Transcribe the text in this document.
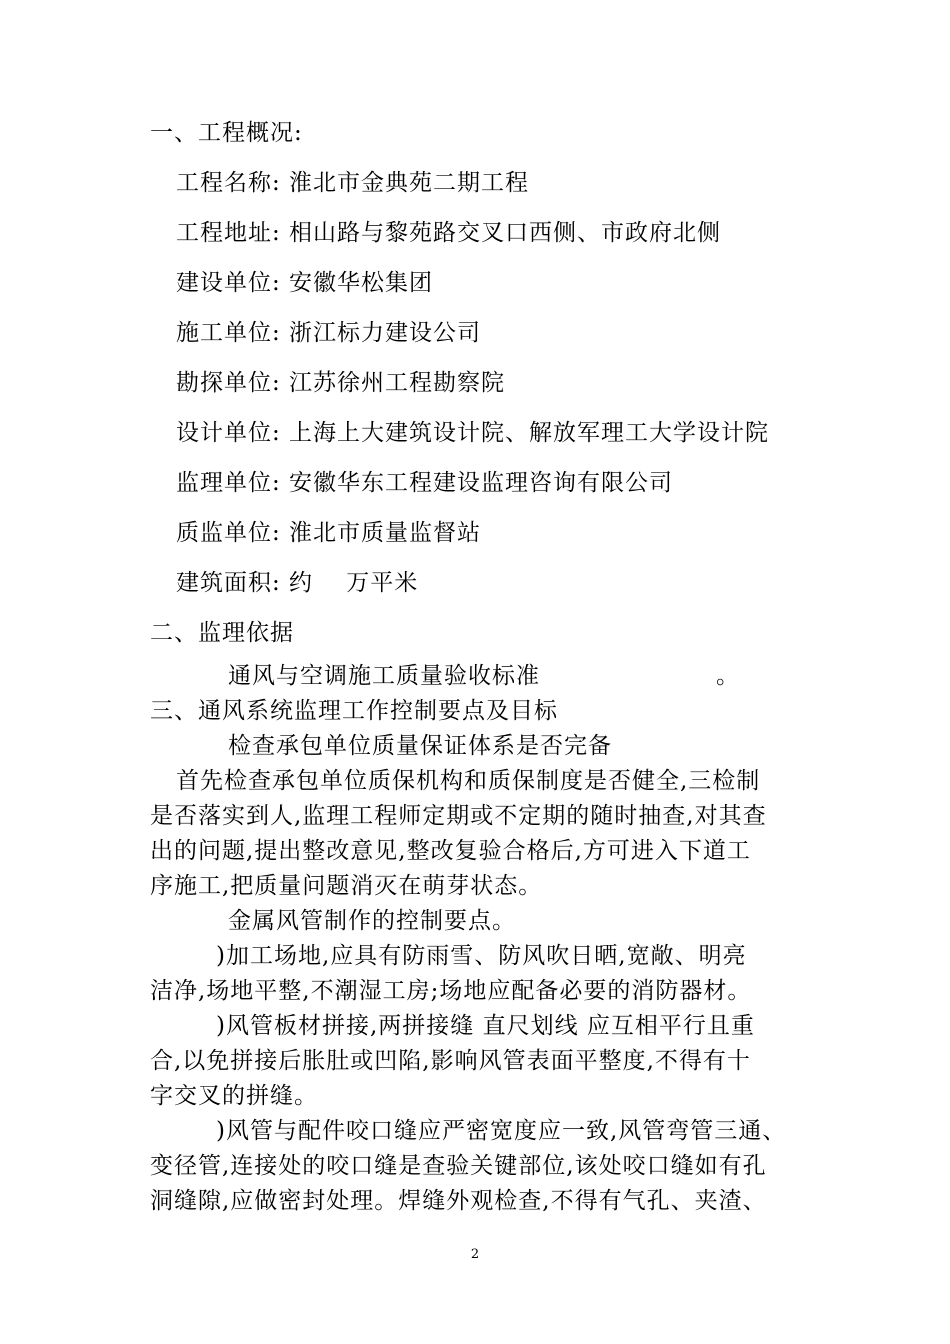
一、工程概况:
工程名称: 淮北市金典苑二期工程
工程地址: 相山路与黎苑路交叉口西侧、市政府北侧
建设单位: 安徽华松集团
施工单位: 浙江标力建设公司
勘探单位: 江苏徐州工程勘察院
设计单位: 上海上大建筑设计院、解放军理工大学设计院
监理单位: 安徽华东工程建设监理咨询有限公司
质监单位: 淮北市质量监督站
建筑面积: 约    万平米
二、监理依据
通风与空调施工质量验收标准	。
三、通风系统监理工作控制要点及目标
检查承包单位质量保证体系是否完备
首先检查承包单位质保机构和质保制度是否健全,三检制
是否落实到人,监理工程师定期或不定期的随时抽查,对其查
出的问题,提出整改意见,整改复验合格后,方可进入下道工
序施工,把质量问题消灭在萌芽状态。
金属风管制作的控制要点。
)加工场地,应具有防雨雪、防风吹日晒,宽敞、明亮
洁净,场地平整,不潮湿工房;场地应配备必要的消防器材。
)风管板材拼接,两拼接缝 直尺划线 应互相平行且重
合,以免拼接后胀肚或凹陷,影响风管表面平整度,不得有十
字交叉的拼缝。
)风管与配件咬口缝应严密宽度应一致,风管弯管三通、
变径管,连接处的咬口缝是查验关键部位,该处咬口缝如有孔
洞缝隙,应做密封处理。焊缝外观检查,不得有气孔、夹渣、
2
